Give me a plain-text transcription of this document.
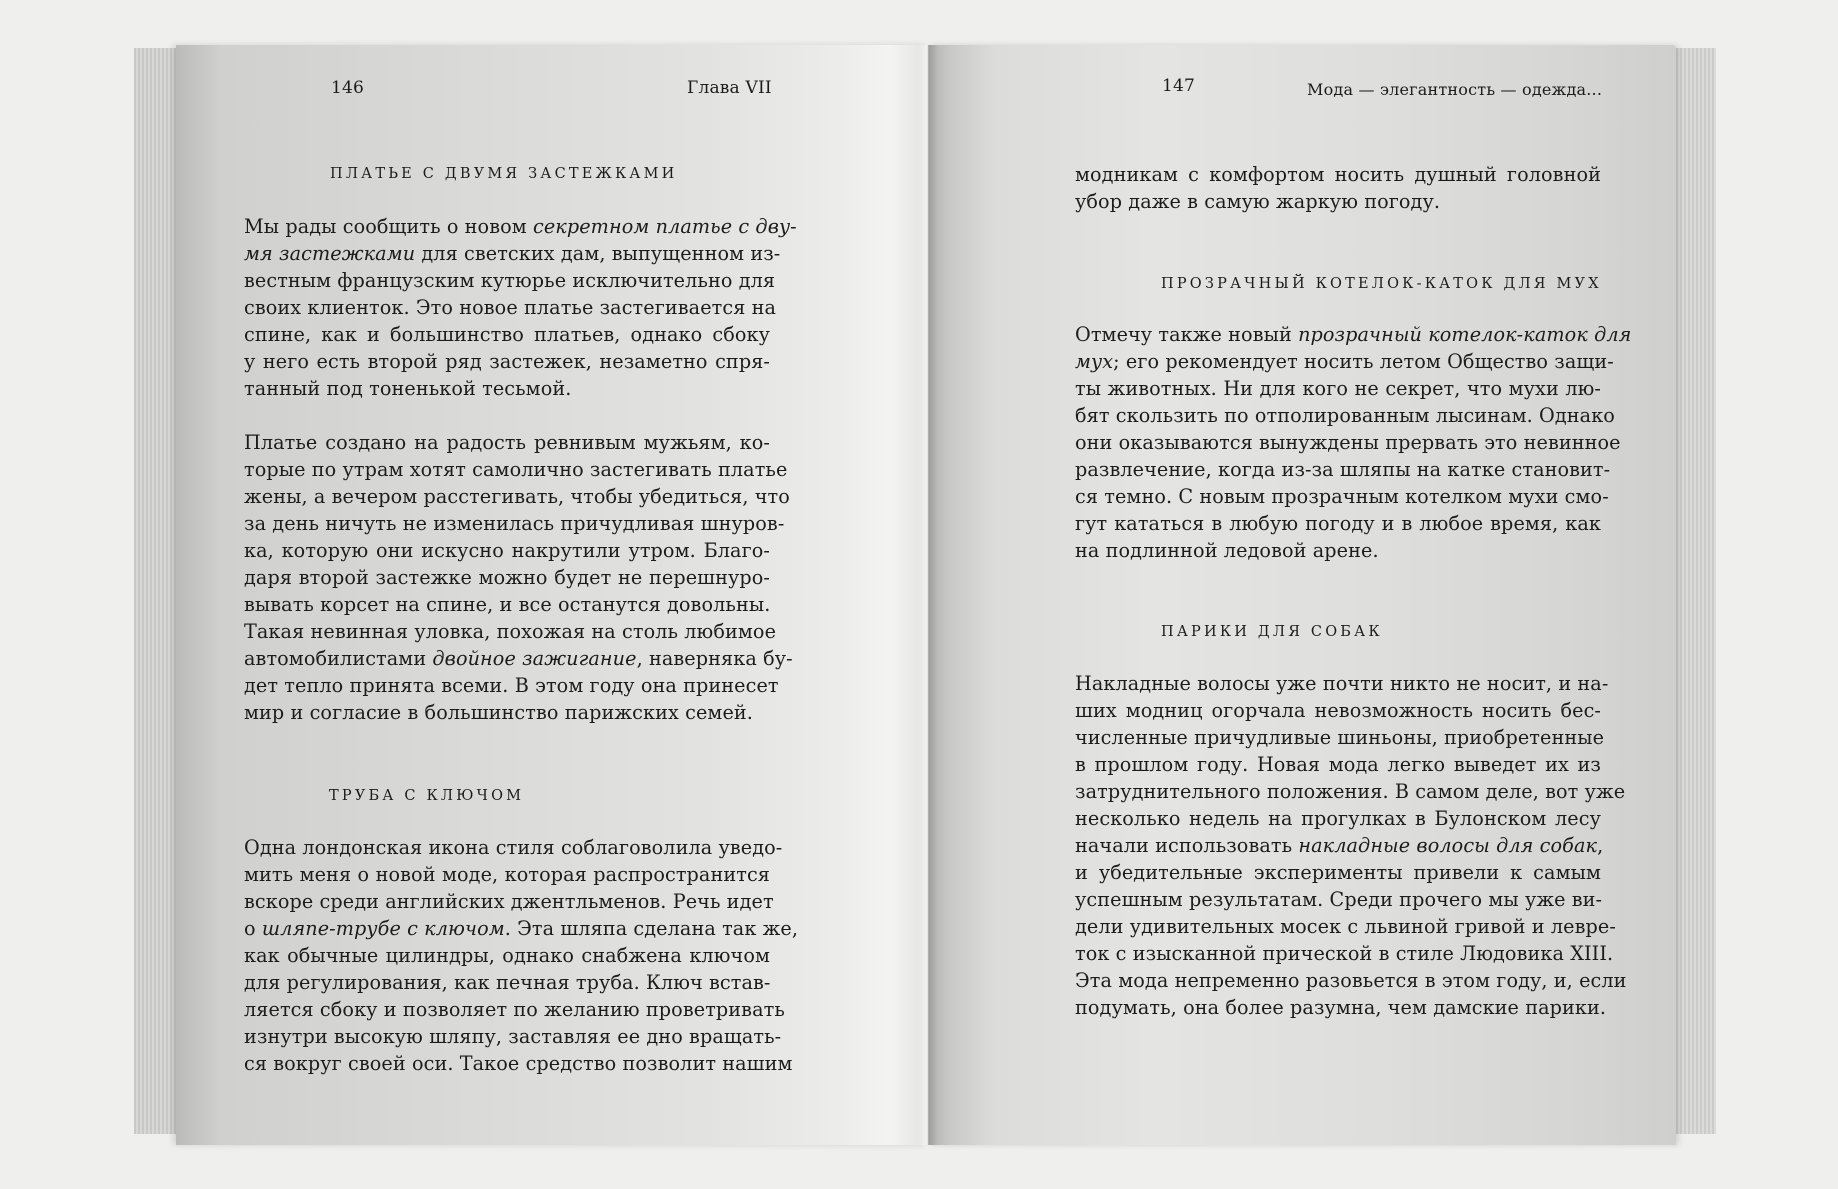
146	Глава VII	147	Мода — элегантность — одежда...
ПЛАТЬЕ С ДВУМЯ ЗАСТЕЖКАМИ
ТРУБА С КЛЮЧОМ
ПРОЗРАЧНЫЙ КОТЕЛОК-КАТОК ДЛЯ МУХ
ПАРИКИ ДЛЯ СОБАК
Мы рады сообщить о новом секретном платье с дву-
мя застежками для светских дам, выпущенном из-
вестным французским кутюрье исключительно для
своих клиенток. Это новое платье застегивается на
спине, как и большинство платьев, однако сбоку
у него есть второй ряд застежек, незаметно спря-
танный под тоненькой тесьмой.
Платье создано на радость ревнивым мужьям, ко-
торые по утрам хотят самолично застегивать платье
жены, а вечером расстегивать, чтобы убедиться, что
за день ничуть не изменилась причудливая шнуров-
ка, которую они искусно накрутили утром. Благо-
даря второй застежке можно будет не перешнуро-
вывать корсет на спине, и все останутся довольны.
Такая невинная уловка, похожая на столь любимое
автомобилистами двойное зажигание, наверняка бу-
дет тепло принята всеми. В этом году она принесет
мир и согласие в большинство парижских семей.
Одна лондонская икона стиля соблаговолила уведо-
мить меня о новой моде, которая распространится
вскоре среди английских джентльменов. Речь идет
о шляпе-трубе с ключом. Эта шляпа сделана так же,
как обычные цилиндры, однако снабжена ключом
для регулирования, как печная труба. Ключ встав-
ляется сбоку и позволяет по желанию проветривать
изнутри высокую шляпу, заставляя ее дно вращать-
ся вокруг своей оси. Такое средство позволит нашим
модникам с комфортом носить душный головной
убор даже в самую жаркую погоду.
Отмечу также новый прозрачный котелок-каток для
мух; его рекомендует носить летом Общество защи-
ты животных. Ни для кого не секрет, что мухи лю-
бят скользить по отполированным лысинам. Однако
они оказываются вынуждены прервать это невинное
развлечение, когда из-за шляпы на катке становит-
ся темно. С новым прозрачным котелком мухи смо-
гут кататься в любую погоду и в любое время, как
на подлинной ледовой арене.
Накладные волосы уже почти никто не носит, и на-
ших модниц огорчала невозможность носить бес-
численные причудливые шиньоны, приобретенные
в прошлом году. Новая мода легко выведет их из
затруднительного положения. В самом деле, вот уже
несколько недель на прогулках в Булонском лесу
начали использовать накладные волосы для собак,
и убедительные эксперименты привели к самым
успешным результатам. Среди прочего мы уже ви-
дели удивительных мосек с львиной гривой и левре-
ток с изысканной прической в стиле Людовика XIII.
Эта мода непременно разовьется в этом году, и, если
подумать, она более разумна, чем дамские парики.
